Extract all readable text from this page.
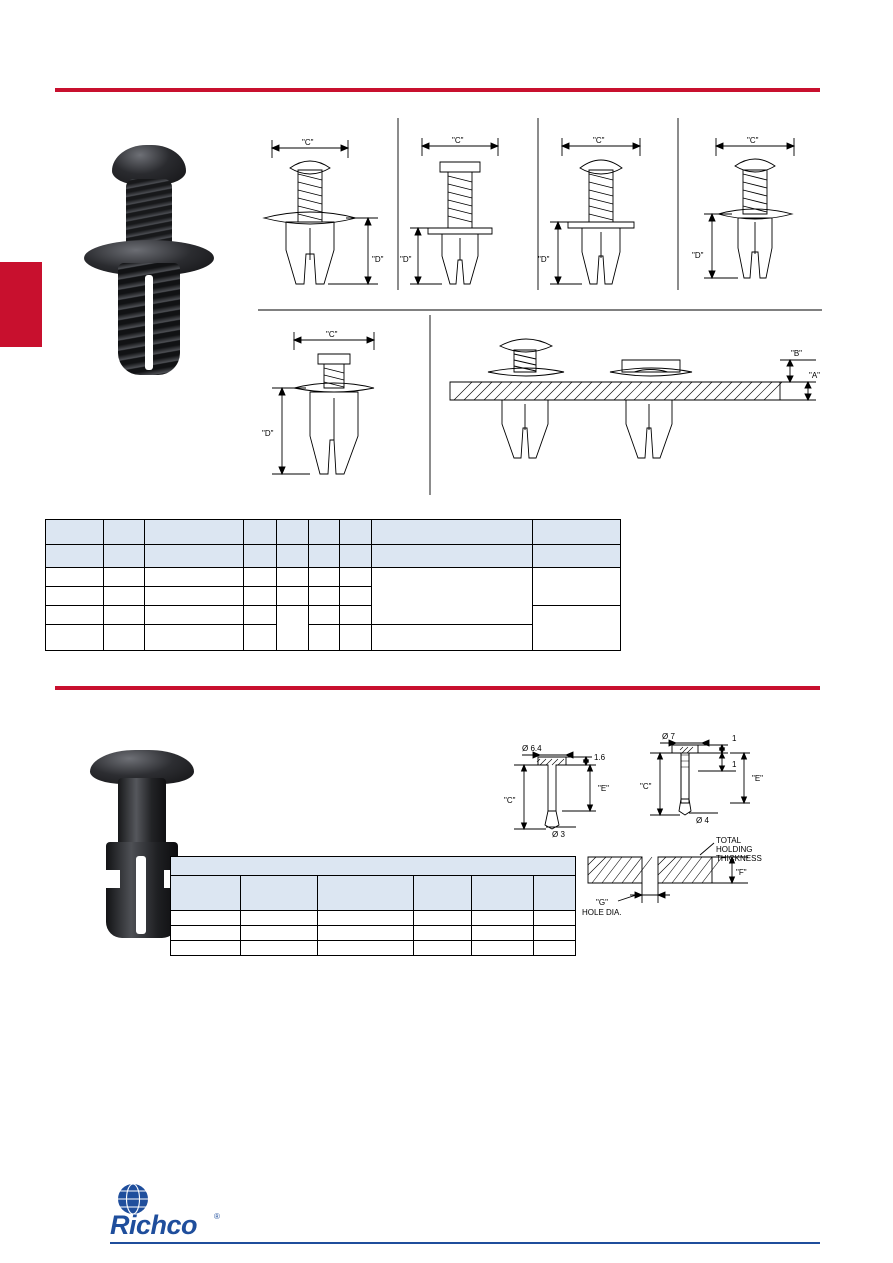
"C"
"D"
"C"
"D"
"C"
"D"
"C"
"D"
"C"
"D"
"B"
"A"

Ø 6.4
1.6
"E"
"C"
Ø 3
Ø 7	1
1
"E"
"C"
Ø 4
"F"
TOTAL
HOLDING
THICKNESS
"G"
HOLE DIA.

Richco ®
